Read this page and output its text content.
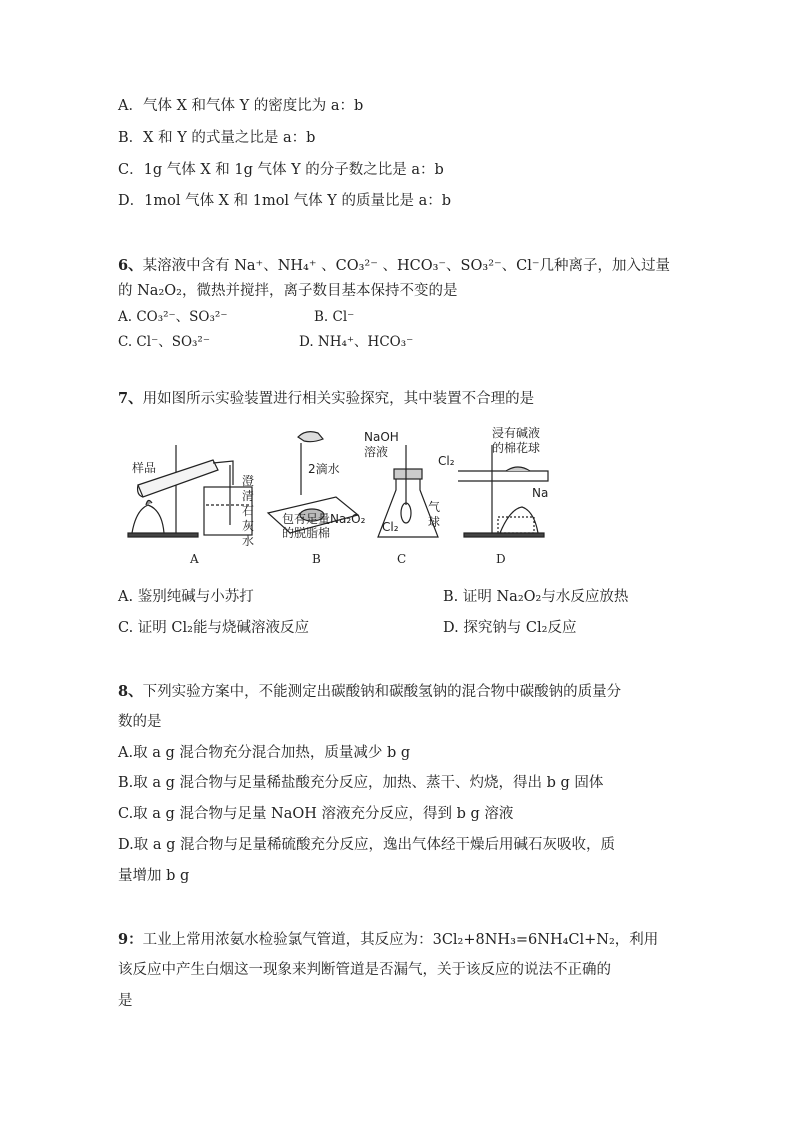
A．气体 X 和气体 Y 的密度比为 a：b
B．X 和 Y 的式量之比是 a：b
C．1g 气体 X 和 1g 气体 Y 的分子数之比是 a：b
D．1mol 气体 X 和 1mol 气体 Y 的质量比是 a：b
6、某溶液中含有 Na⁺、NH₄⁺ 、CO₃²⁻ 、HCO₃⁻、SO₃²⁻、Cl⁻几种离子，加入过量
的 Na₂O₂，微热并搅拌，离子数目基本保持不变的是
A. CO₃²⁻、SO₃²⁻	B. Cl⁻
C. Cl⁻、SO₃²⁻	D. NH₄⁺、HCO₃⁻
7、用如图所示实验装置进行相关实验探究，其中装置不合理的是
样品
澄
清
石
灰
水
2滴水
包有足量Na₂O₂
的脱脂棉
NaOH
溶液
Cl₂
气
球
浸有碱液
的棉花球
Cl₂
Na
A	B	C	D
A. 鉴别纯碱与小苏打	B. 证明 Na₂O₂与水反应放热
C. 证明 Cl₂能与烧碱溶液反应	D. 探究钠与 Cl₂反应
8、下列实验方案中，不能测定出碳酸钠和碳酸氢钠的混合物中碳酸钠的质量分
数的是
A.取 a g 混合物充分混合加热，质量减少 b g
B.取 a g 混合物与足量稀盐酸充分反应，加热、蒸干、灼烧，得出 b g 固体
C.取 a g 混合物与足量 NaOH 溶液充分反应，得到 b g 溶液
D.取 a g 混合物与足量稀硫酸充分反应，逸出气体经干燥后用碱石灰吸收，质
量增加 b g
9：工业上常用浓氨水检验氯气管道，其反应为：3Cl₂+8NH₃=6NH₄Cl+N₂，利用
该反应中产生白烟这一现象来判断管道是否漏气，关于该反应的说法不正确的
是
